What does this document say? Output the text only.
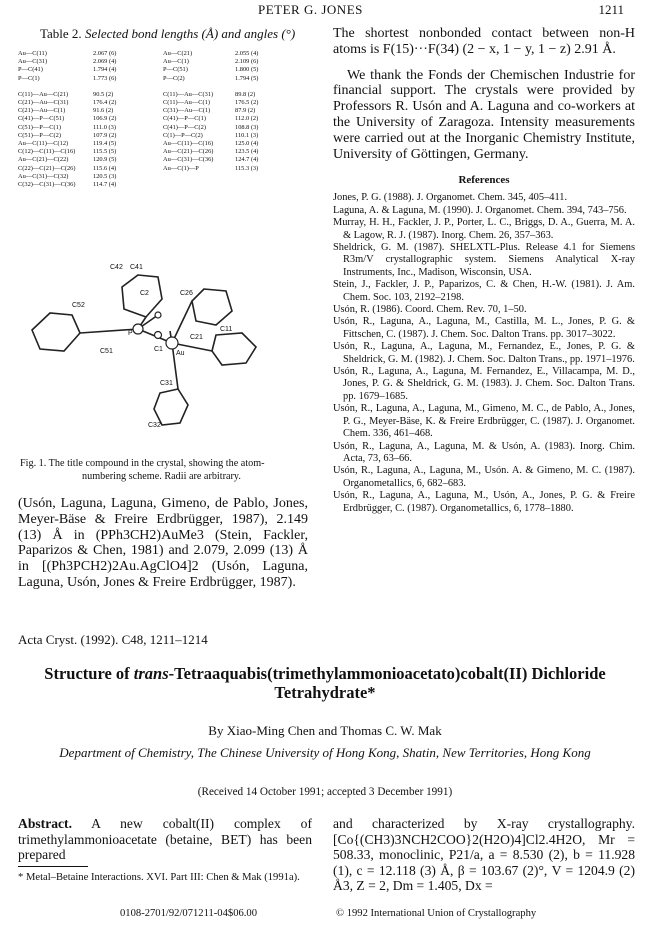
PETER G. JONES	1211
Table 2. Selected bond lengths (Å) and angles (°)
Au—C(11)	2.067 (6)	Au—C(21)	2.055 (4)
Au—C(31)	2.069 (4)	Au—C(1)	2.109 (6)
P—C(41)	1.794 (4)	P—C(51)	1.800 (5)
P—C(1)	1.773 (6)	P—C(2)	1.794 (5)

C(11)—Au—C(21)	90.5 (2)	C(11)—Au—C(31)	89.8 (2)
C(21)—Au—C(31)	176.4 (2)	C(11)—Au—C(1)	176.5 (2)
C(21)—Au—C(1)	91.6 (2)	C(31)—Au—C(1)	87.9 (2)
C(41)—P—C(51)	106.9 (2)	C(41)—P—C(1)	112.0 (2)
C(51)—P—C(1)	111.0 (3)	C(41)—P—C(2)	108.8 (3)
C(51)—P—C(2)	107.9 (2)	C(1)—P—C(2)	110.1 (3)
Au—C(11)—C(12)	119.4 (5)	Au—C(11)—C(16)	125.0 (4)
C(12)—C(11)—C(16)	115.5 (5)	Au—C(21)—C(26)	123.5 (4)
Au—C(21)—C(22)	120.9 (5)	Au—C(31)—C(36)	124.7 (4)
C(22)—C(21)—C(26)	115.6 (4)	Au—C(1)—P	115.3 (3)
Au—C(31)—C(32)	120.5 (3)		
C(32)—C(31)—C(36)	114.7 (4)		
C42 C41
C2	C26
P
C52
C51	C1
Au
C11
C21
C31
C32
Fig. 1. The title compound in the crystal, showing the atom-
numbering scheme. Radii are arbitrary.
(Usón, Laguna, Laguna, Gimeno, de Pablo, Jones, Meyer-Bäse & Freire Erdbrügger, 1987), 2.149 (13) Å in (PPh3CH2)AuMe3 (Stein, Fackler, Paparizos & Chen, 1981) and 2.079, 2.099 (13) Å in [(Ph3PCH2)2Au.AgClO4]2 (Usón, Laguna, Laguna, Usón, Jones & Freire Erdbrügger, 1987).
The shortest nonbonded contact between non-H atoms is F(15)···F(34) (2 − x, 1 − y, 1 − z) 2.91 Å.
We thank the Fonds der Chemischen Industrie for financial support. The crystals were provided by Professors R. Usón and A. Laguna and co-workers at the University of Zaragoza. Intensity measurements were carried out at the Inorganic Chemistry Institute, University of Göttingen, Germany.
References

Jones, P. G. (1988). J. Organomet. Chem. 345, 405–411.

Laguna, A. & Laguna, M. (1990). J. Organomet. Chem. 394, 743–756.

Murray, H. H., Fackler, J. P., Porter, L. C., Briggs, D. A., Guerra, M. A. & Lagow, R. J. (1987). Inorg. Chem. 26, 357–363.

Sheldrick, G. M. (1987). SHELXTL-Plus. Release 4.1 for Siemens R3m/V crystallographic system. Siemens Analytical X-ray Instruments, Inc., Madison, Wisconsin, USA.

Stein, J., Fackler, J. P., Paparizos, C. & Chen, H.-W. (1981). J. Am. Chem. Soc. 103, 2192–2198.

Usón, R. (1986). Coord. Chem. Rev. 70, 1–50.

Usón, R., Laguna, A., Laguna, M., Castilla, M. L., Jones, P. G. & Fittschen, C. (1987). J. Chem. Soc. Dalton Trans. pp. 3017–3022.

Usón, R., Laguna, A., Laguna, M., Fernandez, E., Jones, P. G. & Sheldrick, G. M. (1982). J. Chem. Soc. Dalton Trans., pp. 1971–1976.

Usón, R., Laguna, A., Laguna, M. Fernandez, E., Villacampa, M. D., Jones, P. G. & Sheldrick, G. M. (1983). J. Chem. Soc. Dalton Trans. pp. 1679–1685.

Usón, R., Laguna, A., Laguna, M., Gimeno, M. C., de Pablo, A., Jones, P. G., Meyer-Bäse, K. & Freire Erdbrügger, C. (1987). J. Organomet. Chem. 336, 461–468.

Usón, R., Laguna, A., Laguna, M. & Usón, A. (1983). Inorg. Chim. Acta, 73, 63–66.

Usón, R., Laguna, A., Laguna, M., Usón. A. & Gimeno, M. C. (1987). Organometallics, 6, 682–683.

Usón, R., Laguna, A., Laguna, M., Usón, A., Jones, P. G. & Freire Erdbrügger, C. (1987). Organometallics, 6, 1778–1880.

Acta Cryst. (1992). C48, 1211–1214
Structure of trans-Tetraaquabis(trimethylammonioacetato)cobalt(II) Dichloride Tetrahydrate*
By Xiao-Ming Chen and Thomas C. W. Mak
Department of Chemistry, The Chinese University of Hong Kong, Shatin, New Territories, Hong Kong
(Received 14 October 1991; accepted 3 December 1991)
Abstract. A new cobalt(II) complex of trimethylammonioacetate (betaine, BET) has been prepared
and characterized by X-ray crystallography. [Co{(CH3)3NCH2COO}2(H2O)4]Cl2.4H2O, Mr = 508.33, monoclinic, P21/a, a = 8.530 (2), b = 11.928 (1), c = 12.118 (3) Å, β = 103.67 (2)°, V = 1204.9 (2) Å3, Z = 2, Dm = 1.405, Dx =
* Metal–Betaine Interactions. XVI. Part III: Chen & Mak (1991a).
0108-2701/92/071211-04$06.00	© 1992 International Union of Crystallography
